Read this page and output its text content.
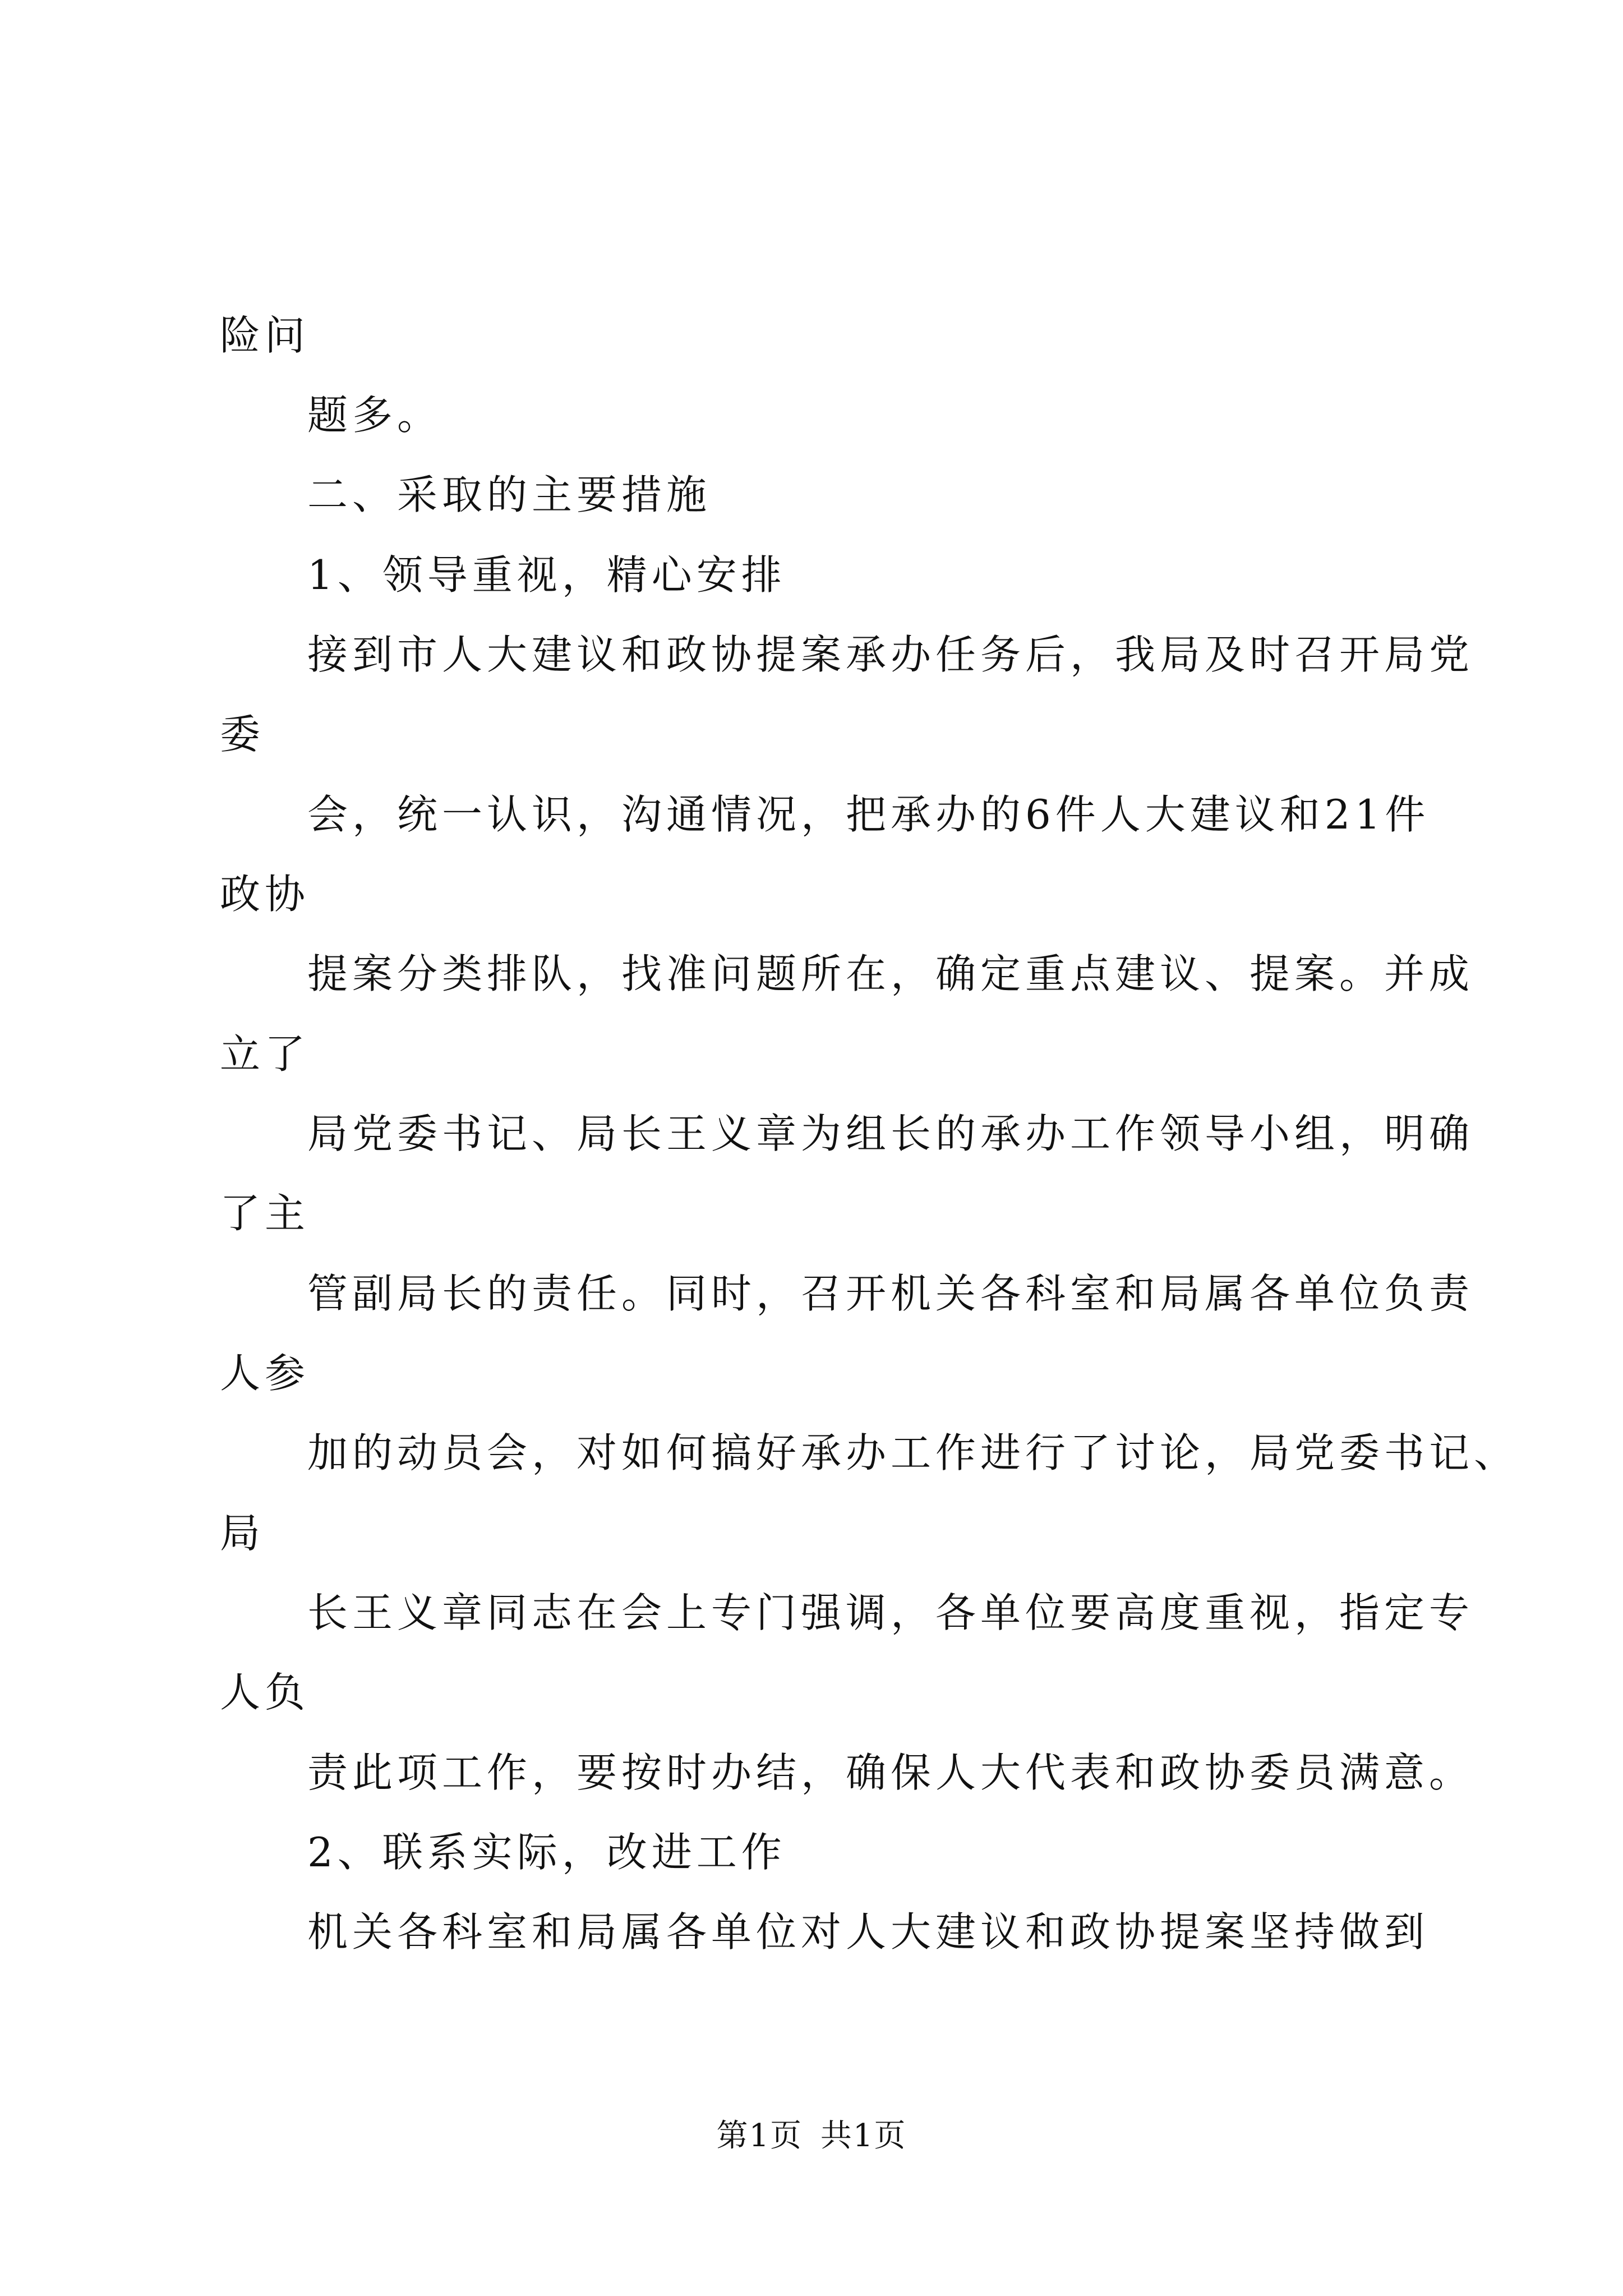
险问
题多。
二、采取的主要措施
1、领导重视，精心安排
接到市人大建议和政协提案承办任务后，我局及时召开局党
委
会，统一认识，沟通情况，把承办的6件人大建议和21件
政协
提案分类排队，找准问题所在，确定重点建议、提案。并成
立了
局党委书记、局长王义章为组长的承办工作领导小组，明确
了主
管副局长的责任。同时，召开机关各科室和局属各单位负责
人参
加的动员会，对如何搞好承办工作进行了讨论，局党委书记、
局
长王义章同志在会上专门强调，各单位要高度重视，指定专
人负
责此项工作，要按时办结，确保人大代表和政协委员满意。
2、联系实际，改进工作
机关各科室和局属各单位对人大建议和政协提案坚持做到
第1页 共1页
